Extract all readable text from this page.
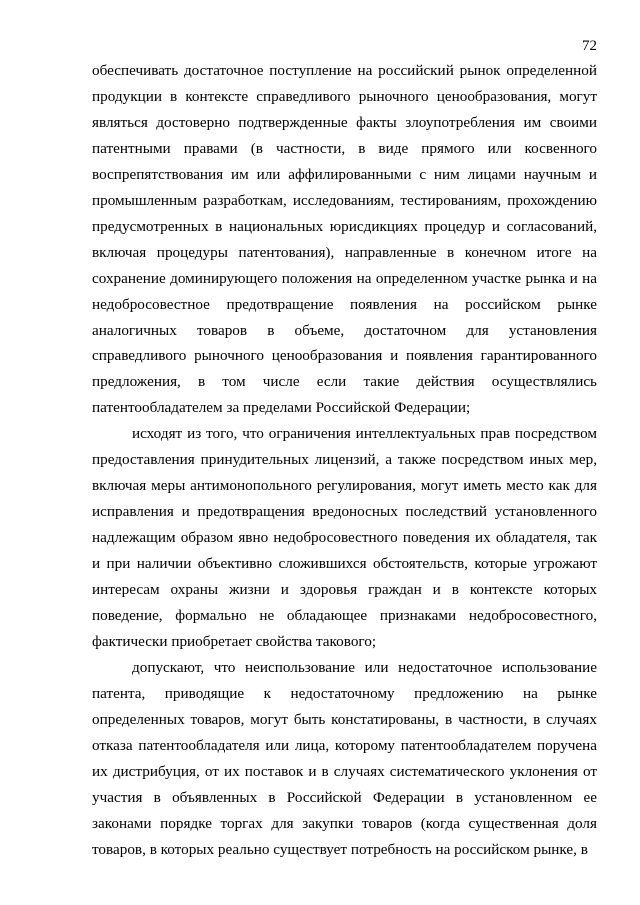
72

обеспечивать достаточное поступление на российский рынок определенной продукции в контексте справедливого рыночного ценообразования, могут являться достоверно подтвержденные факты злоупотребления им своими патентными правами (в частности, в виде прямого или косвенного воспрепятствования им или аффилированными с ним лицами научным и промышленным разработкам, исследованиям, тестированиям, прохождению предусмотренных в национальных юрисдикциях процедур и согласований, включая процедуры патентования), направленные в конечном итоге на сохранение доминирующего положения на определенном участке рынка и на недобросовестное предотвращение появления на российском рынке аналогичных товаров в объеме, достаточном для установления справедливого рыночного ценообразования и появления гарантированного предложения, в том числе если такие действия осуществлялись патентообладателем за пределами Российской Федерации;

исходят из того, что ограничения интеллектуальных прав посредством предоставления принудительных лицензий, а также посредством иных мер, включая меры антимонопольного регулирования, могут иметь место как для исправления и предотвращения вредоносных последствий установленного надлежащим образом явно недобросовестного поведения их обладателя, так и при наличии объективно сложившихся обстоятельств, которые угрожают интересам охраны жизни и здоровья граждан и в контексте которых поведение, формально не обладающее признаками недобросовестного, фактически приобретает свойства такового;

допускают, что неиспользование или недостаточное использование патента, приводящие к недостаточному предложению на рынке определенных товаров, могут быть констатированы, в частности, в случаях отказа патентообладателя или лица, которому патентообладателем поручена их дистрибуция, от их поставок и в случаях систематического уклонения от участия в объявленных в Российской Федерации в установленном ее законами порядке торгах для закупки товаров (когда существенная доля товаров, в которых реально существует потребность на российском рынке, в
